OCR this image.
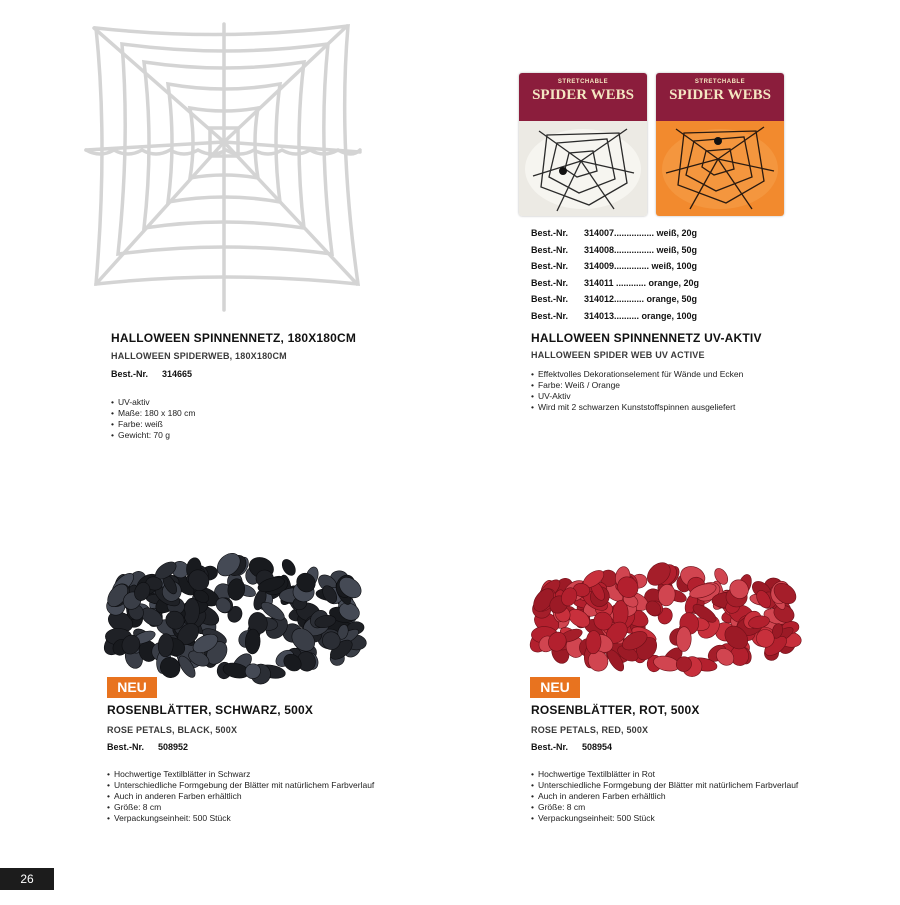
HALLOWEEN SPINNENNETZ, 180X180CM
HALLOWEEN SPIDERWEB, 180X180CM
Best.-Nr. 314665
• UV-aktiv
• Maße: 180 x 180 cm
• Farbe: weiß
• Gewicht: 70 g
STRETCHABLE
SPIDER WEBS
STRETCHABLE
SPIDER WEBS
Best.-Nr. 314007................ weiß, 20g
Best.-Nr. 314008................ weiß, 50g
Best.-Nr. 314009.............. weiß, 100g
Best.-Nr. 314011 ............ orange, 20g
Best.-Nr. 314012............ orange, 50g
Best.-Nr. 314013.......... orange, 100g
HALLOWEEN SPINNENNETZ UV-AKTIV
HALLOWEEN SPIDER WEB UV ACTIVE
• Effektvolles Dekorationselement für Wände und Ecken
• Farbe: Weiß / Orange
• UV-Aktiv
• Wird mit 2 schwarzen Kunststoffspinnen ausgeliefert
NEU
ROSENBLÄTTER, SCHWARZ, 500X
ROSE PETALS, BLACK, 500X
Best.-Nr. 508952
• Hochwertige Textilblätter in Schwarz
• Unterschiedliche Formgebung der Blätter mit natürlichem Farbverlauf
• Auch in anderen Farben erhältlich
• Größe: 8 cm
• Verpackungseinheit: 500 Stück
NEU
ROSENBLÄTTER, ROT, 500X
ROSE PETALS, RED, 500X
Best.-Nr. 508954
• Hochwertige Textilblätter in Rot
• Unterschiedliche Formgebung der Blätter mit natürlichem Farbverlauf
• Auch in anderen Farben erhältlich
• Größe: 8 cm
• Verpackungseinheit: 500 Stück
26
